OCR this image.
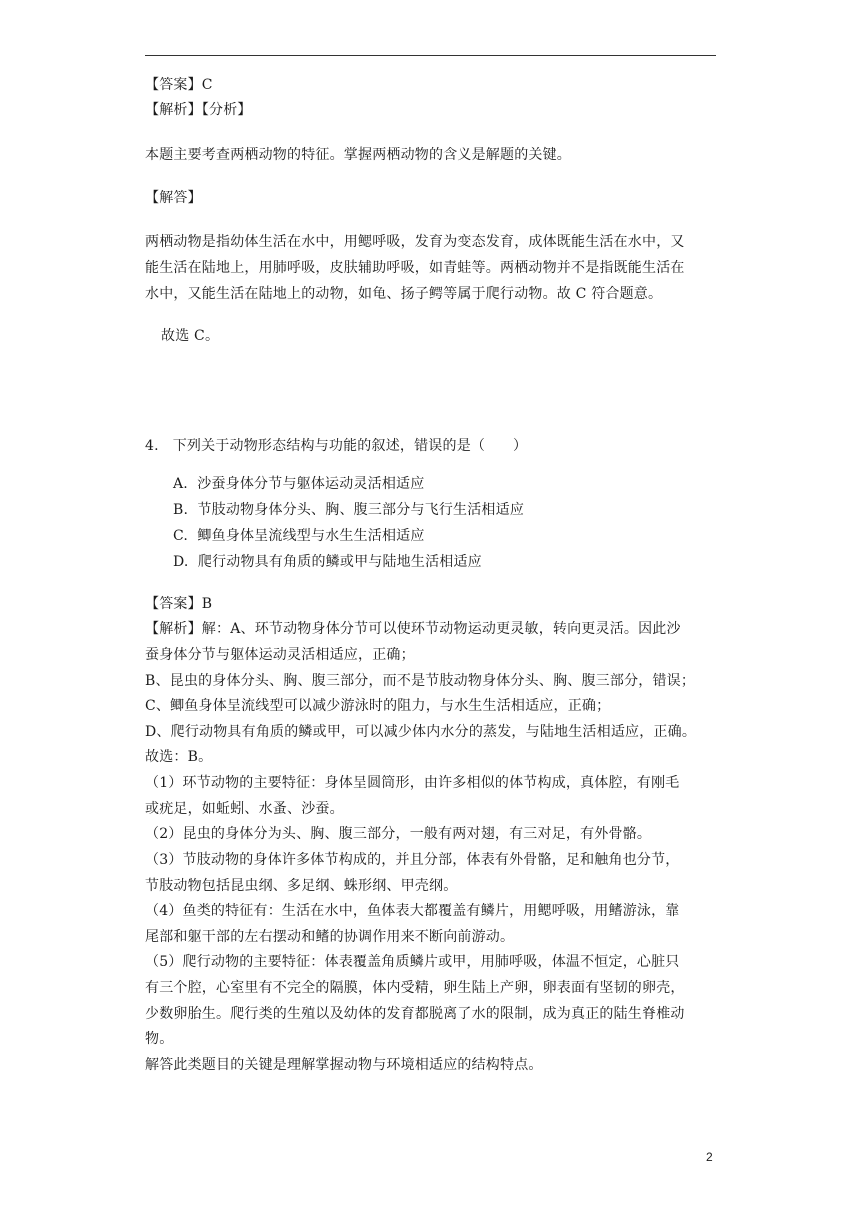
【答案】C
【解析】【分析】
本题主要考查两栖动物的特征。掌握两栖动物的含义是解题的关键。
【解答】
两栖动物是指幼体生活在水中，用鳃呼吸，发育为变态发育，成体既能生活在水中，又
能生活在陆地上，用肺呼吸，皮肤辅助呼吸，如青蛙等。两栖动物并不是指既能生活在
水中，又能生活在陆地上的动物，如龟、扬子鳄等属于爬行动物。故 C 符合题意。
故选 C。
4.   下列关于动物形态结构与功能的叙述，错误的是（      ）
A.  沙蚕身体分节与躯体运动灵活相适应
B.  节肢动物身体分头、胸、腹三部分与飞行生活相适应
C.  鲫鱼身体呈流线型与水生生活相适应
D.  爬行动物具有角质的鳞或甲与陆地生活相适应
【答案】B
【解析】解：A、环节动物身体分节可以使环节动物运动更灵敏，转向更灵活。因此沙
蚕身体分节与躯体运动灵活相适应，正确；
B、昆虫的身体分头、胸、腹三部分，而不是节肢动物身体分头、胸、腹三部分，错误；
C、鲫鱼身体呈流线型可以减少游泳时的阻力，与水生生活相适应，正确；
D、爬行动物具有角质的鳞或甲，可以减少体内水分的蒸发，与陆地生活相适应，正确。
故选：B。
（1）环节动物的主要特征：身体呈圆筒形，由许多相似的体节构成，真体腔，有刚毛
或疣足，如蚯蚓、水蚤、沙蚕。
（2）昆虫的身体分为头、胸、腹三部分，一般有两对翅，有三对足，有外骨骼。
（3）节肢动物的身体许多体节构成的，并且分部，体表有外骨骼，足和触角也分节，
节肢动物包括昆虫纲、多足纲、蛛形纲、甲壳纲。
（4）鱼类的特征有：生活在水中，鱼体表大都覆盖有鳞片，用鳃呼吸，用鳍游泳，靠
尾部和躯干部的左右摆动和鳍的协调作用来不断向前游动。
（5）爬行动物的主要特征：体表覆盖角质鳞片或甲，用肺呼吸，体温不恒定，心脏只
有三个腔，心室里有不完全的隔膜，体内受精，卵生陆上产卵，卵表面有坚韧的卵壳，
少数卵胎生。爬行类的生殖以及幼体的发育都脱离了水的限制，成为真正的陆生脊椎动
物。
解答此类题目的关键是理解掌握动物与环境相适应的结构特点。
2
